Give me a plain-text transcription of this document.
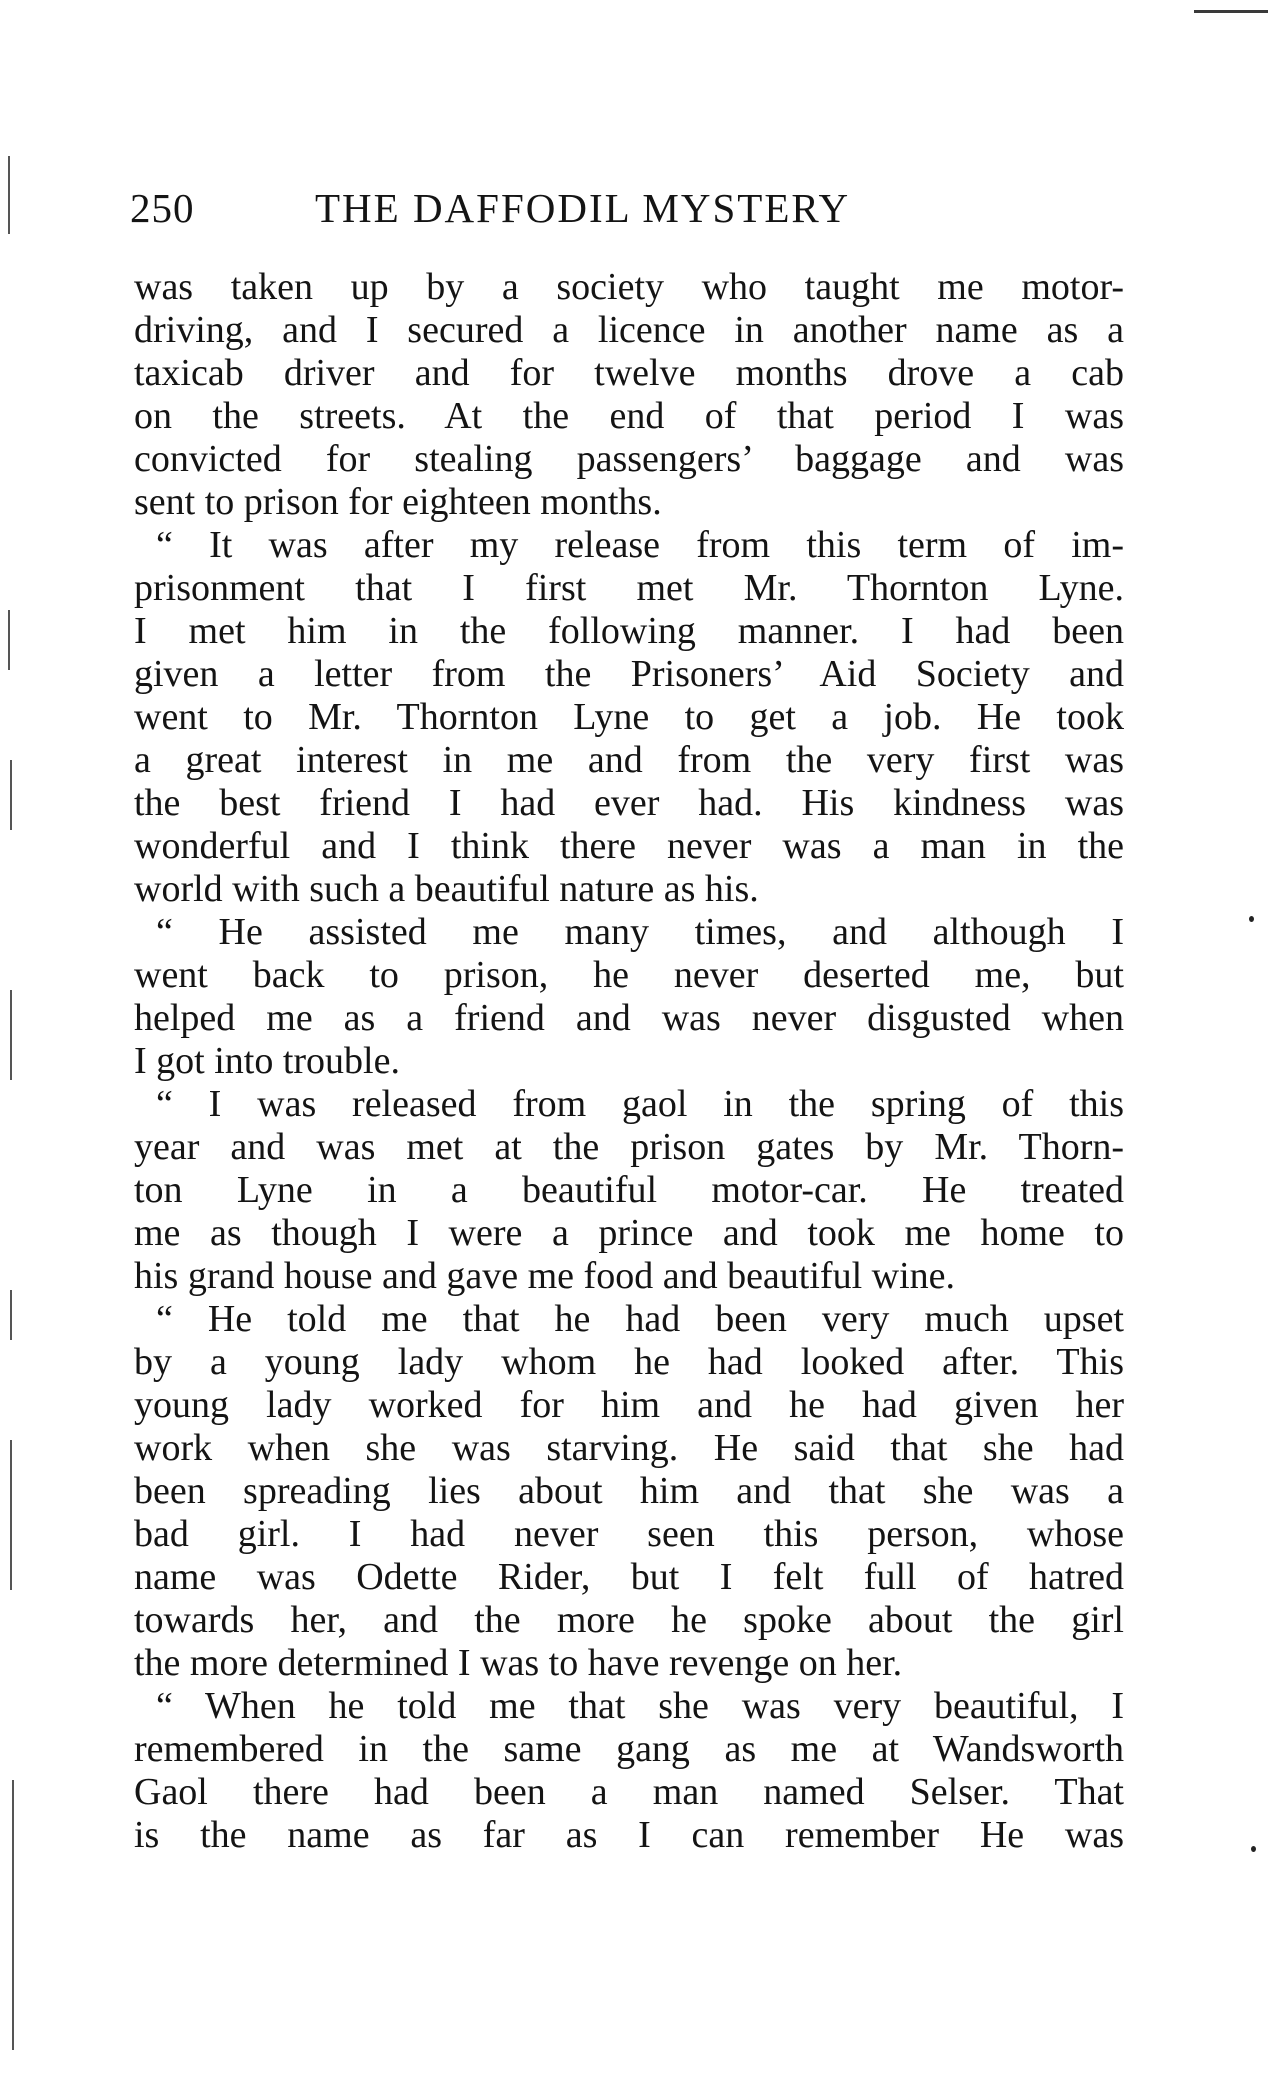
250	THE DAFFODIL MYSTERY
was taken up by a society who taught me motor-
driving, and I secured a licence in another name as a
taxicab driver and for twelve months drove a cab
on the streets. At the end of that period I was
convicted for stealing passengers’ baggage and was
sent to prison for eighteen months.
“ It was after my release from this term of im-
prisonment that I first met Mr. Thornton Lyne.
I met him in the following manner. I had been
given a letter from the Prisoners’ Aid Society and
went to Mr. Thornton Lyne to get a job. He took
a great interest in me and from the very first was
the best friend I had ever had. His kindness was
wonderful and I think there never was a man in the
world with such a beautiful nature as his.
“ He assisted me many times, and although I
went back to prison, he never deserted me, but
helped me as a friend and was never disgusted when
I got into trouble.
“ I was released from gaol in the spring of this
year and was met at the prison gates by Mr. Thorn-
ton Lyne in a beautiful motor-car. He treated
me as though I were a prince and took me home to
his grand house and gave me food and beautiful wine.
“ He told me that he had been very much upset
by a young lady whom he had looked after. This
young lady worked for him and he had given her
work when she was starving. He said that she had
been spreading lies about him and that she was a
bad girl. I had never seen this person, whose
name was Odette Rider, but I felt full of hatred
towards her, and the more he spoke about the girl
the more determined I was to have revenge on her.
“ When he told me that she was very beautiful, I
remembered in the same gang as me at Wandsworth
Gaol there had been a man named Selser. That
is the name as far as I can remember He was
